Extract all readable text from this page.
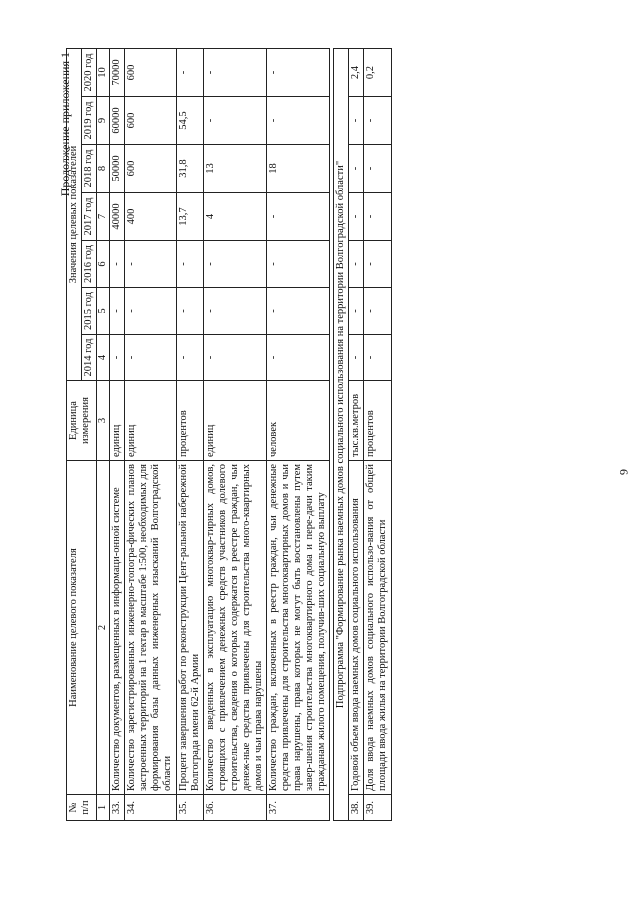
6
Продолжение приложения 1
№ п/п	Наименование целевого показателя	Единица измерения	Значения целевых показателей						
			2014 год	2015 год	2016 год	2017 год	2018 год	2019 год	2020 год
1	2	3	4	5	6	7	8	9	10
33.	Количество документов, размещенных в информаци-онной системе	единиц	-	-	-	40000	50000	60000	70000
34.	Количество зарегистрированных инженерно-топогра-фических планов застроенных территорий на 1 гектар в масштабе 1:500, необходимых для формирования базы данных инженерных изысканий Волгоградской области	единиц	-	-	-	400	600	600	600
35.	Процент завершения работ по реконструкции Цент-ральной набережной Волгограда имени 62-й Армии	процентов	-	-	-	13,7	31,8	54,5	-
36.	Количество введенных в эксплуатацию многоквар-тирных домов, строящихся с привлечением денежных средств участников долевого строительства, сведения о которых содержатся в реестре граждан, чьи денеж-ные средства привлечены для строительства много-квартирных домов и чьи права нарушены	единиц	-	-	-	4	13	-	-
37.	Количество граждан, включенных в реестр граждан, чьи денежные средства привлечены для строительства многоквартирных домов и чьи права нарушены, права которых не могут быть восстановлены путем завер-шения строительства многоквартирного дома и пере-дачи таким гражданам жилого помещения, получив-ших социальную выплату	человек	-	-	-	-	18	-	-

Подпрограмма "Формирование рынка наемных домов социального использования на территории Волгоградской области"									
38.	Годовой объем ввода наемных домов социального использования	тыс.кв.метров	-	-	-	-	-	-	2,4
39.	Доля ввода наемных домов социального использо-вания от общей площади ввода жилья на территории Волгоградской области	процентов	-	-	-	-	-	-	0,2
